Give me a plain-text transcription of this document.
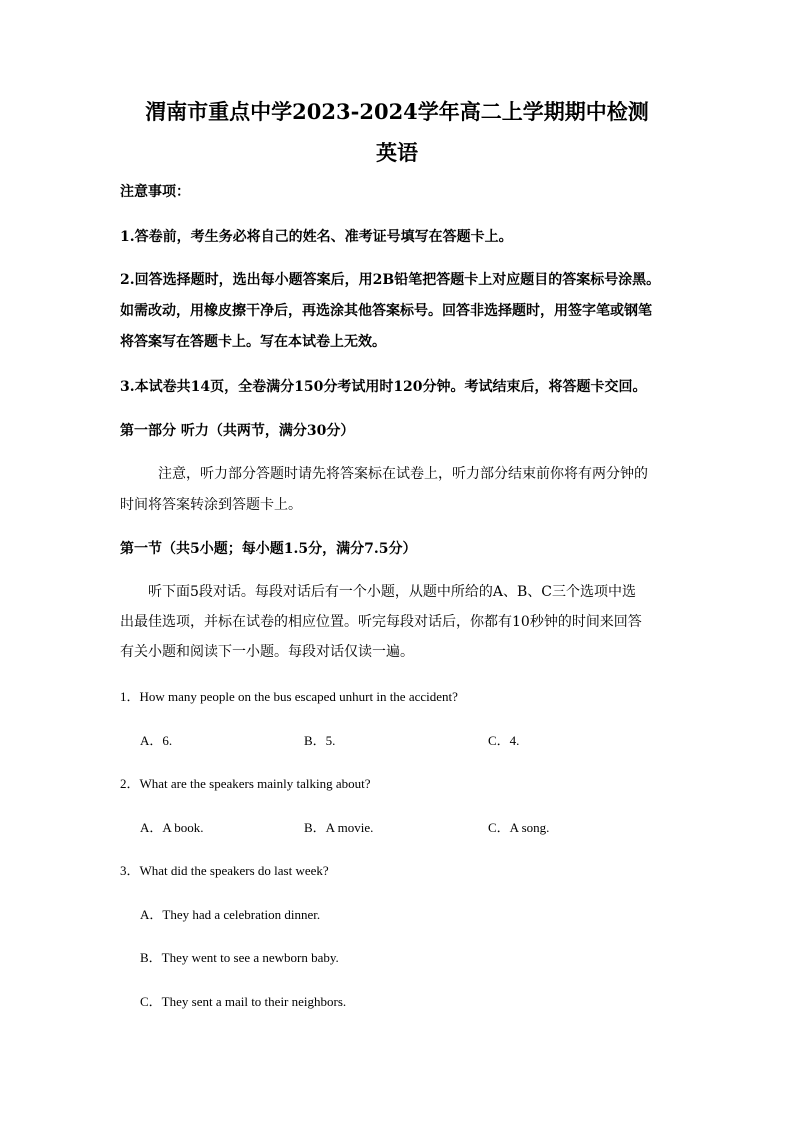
渭南市重点中学2023-2024学年高二上学期期中检测
英语
注意事项：
1.答卷前，考生务必将自己的姓名、准考证号填写在答题卡上。
2.回答选择题时，选出每小题答案后，用2B铅笔把答题卡上对应题目的答案标号涂黑。
如需改动，用橡皮擦干净后，再选涂其他答案标号。回答非选择题时，用签字笔或钢笔
将答案写在答题卡上。写在本试卷上无效。
3.本试卷共14页，全卷满分150分考试用时120分钟。考试结束后，将答题卡交回。
第一部分 听力（共两节，满分30分）
注意，听力部分答题时请先将答案标在试卷上，听力部分结束前你将有两分钟的
时间将答案转涂到答题卡上。
第一节（共5小题；每小题1.5分，满分7.5分）
听下面5段对话。每段对话后有一个小题，从题中所给的A、B、C三个选项中选
出最佳选项，并标在试卷的相应位置。听完每段对话后，你都有10秒钟的时间来回答
有关小题和阅读下一小题。每段对话仅读一遍。
1．How many people on the bus escaped unhurt in the accident?
A．6.	B．5.	C．4.
2．What are the speakers mainly talking about?
A．A book.	B．A movie.	C．A song.
3．What did the speakers do last week?
A．They had a celebration dinner.
B．They went to see a newborn baby.
C．They sent a mail to their neighbors.
